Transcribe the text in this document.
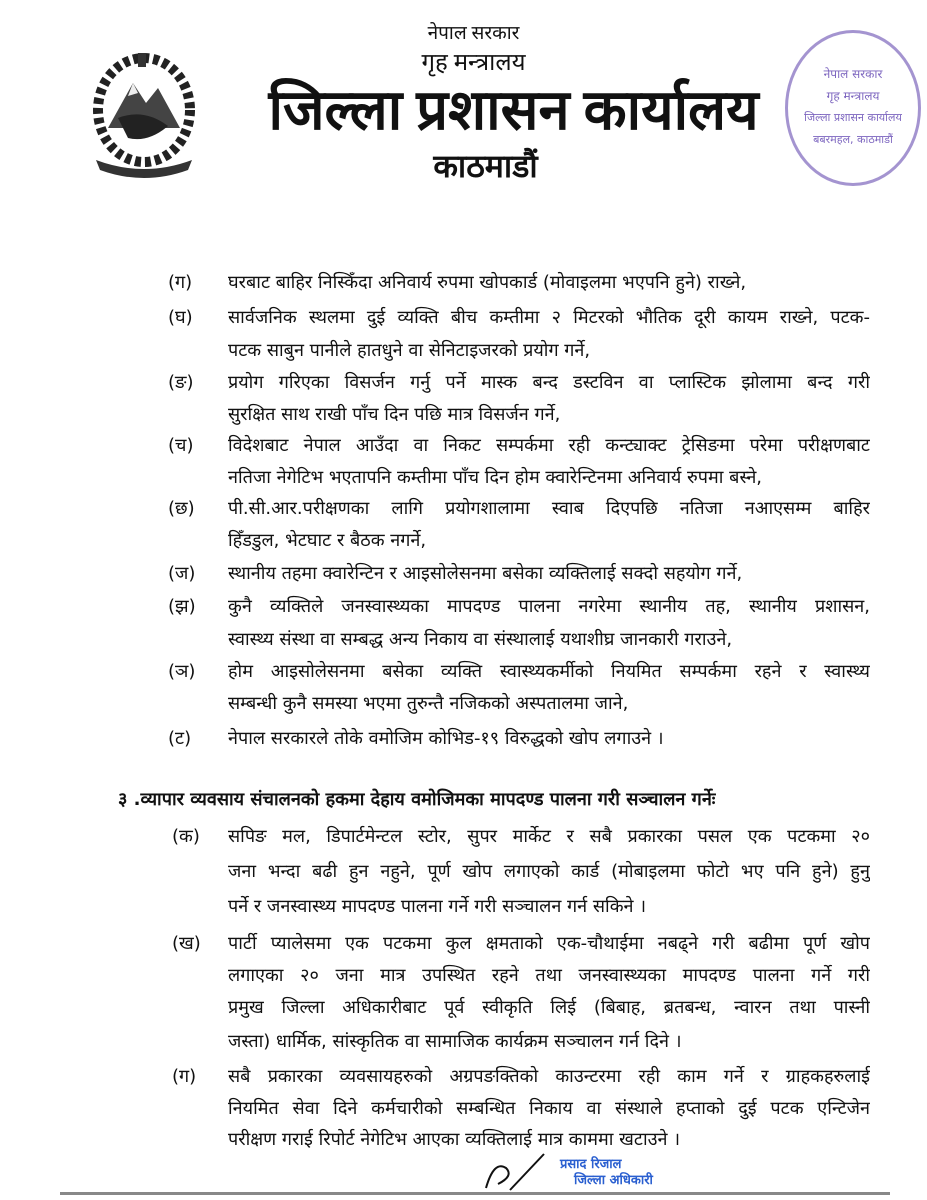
नेपाल सरकार
गृह मन्त्रालय
जिल्ला प्रशासन कार्यालय
बबरमहल, काठमाडौं
नेपाल सरकार
गृह मन्त्रालय
जिल्ला प्रशासन कार्यालय
काठमाडौं
(ग) घरबाट बाहिर निस्किँदा अनिवार्य रुपमा खोपकार्ड (मोवाइलमा भएपनि हुने) राख्ने,
(घ) सार्वजनिक स्थलमा दुई व्यक्ति बीच कम्तीमा २ मिटरको भौतिक दूरी कायम राख्ने, पटक-
पटक साबुन पानीले हातधुने वा सेनिटाइजरको प्रयोग गर्ने,
(ङ) प्रयोग गरिएका विसर्जन गर्नु पर्ने मास्क बन्द डस्टविन वा प्लास्टिक झोलामा बन्द गरी
सुरक्षित साथ राखी पाँच दिन पछि मात्र विसर्जन गर्ने,
(च) विदेशबाट नेपाल आउँदा वा निकट सम्पर्कमा रही कन्ट्याक्ट ट्रेसिङमा परेमा परीक्षणबाट
नतिजा नेगेटिभ भएतापनि कम्तीमा पाँच दिन होम क्वारेन्टिनमा अनिवार्य रुपमा बस्ने,
(छ) पी.सी.आर.परीक्षणका लागि प्रयोगशालामा स्वाब दिएपछि नतिजा नआएसम्म बाहिर
हिँडडुल, भेटघाट र बैठक नगर्ने,
(ज) स्थानीय तहमा क्वारेन्टिन र आइसोलेसनमा बसेका व्यक्तिलाई सक्दो सहयोग गर्ने,
(झ) कुनै व्यक्तिले जनस्वास्थ्यका मापदण्ड पालना नगरेमा स्थानीय तह, स्थानीय प्रशासन,
स्वास्थ्य संस्था वा सम्बद्ध अन्य निकाय वा संस्थालाई यथाशीघ्र जानकारी गराउने,
(ञ) होम आइसोलेसनमा बसेका व्यक्ति स्वास्थ्यकर्मीको नियमित सम्पर्कमा रहने र स्वास्थ्य
सम्बन्धी कुनै समस्या भएमा तुरुन्तै नजिकको अस्पतालमा जाने,
(ट) नेपाल सरकारले तोके वमोजिम कोभिड-१९ विरुद्धको खोप लगाउने ।
३ .व्यापार व्यवसाय संचालनको हकमा देहाय वमोजिमका मापदण्ड पालना गरी सञ्चालन गर्नेः
(क) सपिङ मल, डिपार्टमेन्टल स्टोर, सुपर मार्केट र सबै प्रकारका पसल एक पटकमा २०
जना भन्दा बढी हुन नहुने, पूर्ण खोप लगाएको कार्ड (मोबाइलमा फोटो भए पनि हुने) हुनु
पर्ने र जनस्वास्थ्य मापदण्ड पालना गर्ने गरी सञ्चालन गर्न सकिने ।
(ख) पार्टी प्यालेसमा एक पटकमा कुल क्षमताको एक-चौथाईमा नबढ्ने गरी बढीमा पूर्ण खोप
लगाएका २० जना मात्र उपस्थित रहने तथा जनस्वास्थ्यका मापदण्ड पालना गर्ने गरी
प्रमुख जिल्ला अधिकारीबाट पूर्व स्वीकृति लिई (बिबाह, ब्रतबन्ध, न्वारन तथा पास्नी
जस्ता) धार्मिक, सांस्कृतिक वा सामाजिक कार्यक्रम सञ्चालन गर्न दिने ।
(ग) सबै प्रकारका व्यवसायहरुको अग्रपङक्तिको काउन्टरमा रही काम गर्ने र ग्राहकहरुलाई
नियमित सेवा दिने कर्मचारीको सम्बन्धित निकाय वा संस्थाले हप्ताको दुई पटक एन्टिजेन
परीक्षण गराई रिपोर्ट नेगेटिभ आएका व्यक्तिलाई मात्र काममा खटाउने ।
प्रसाद रिजाल
जिल्ला अधिकारी
